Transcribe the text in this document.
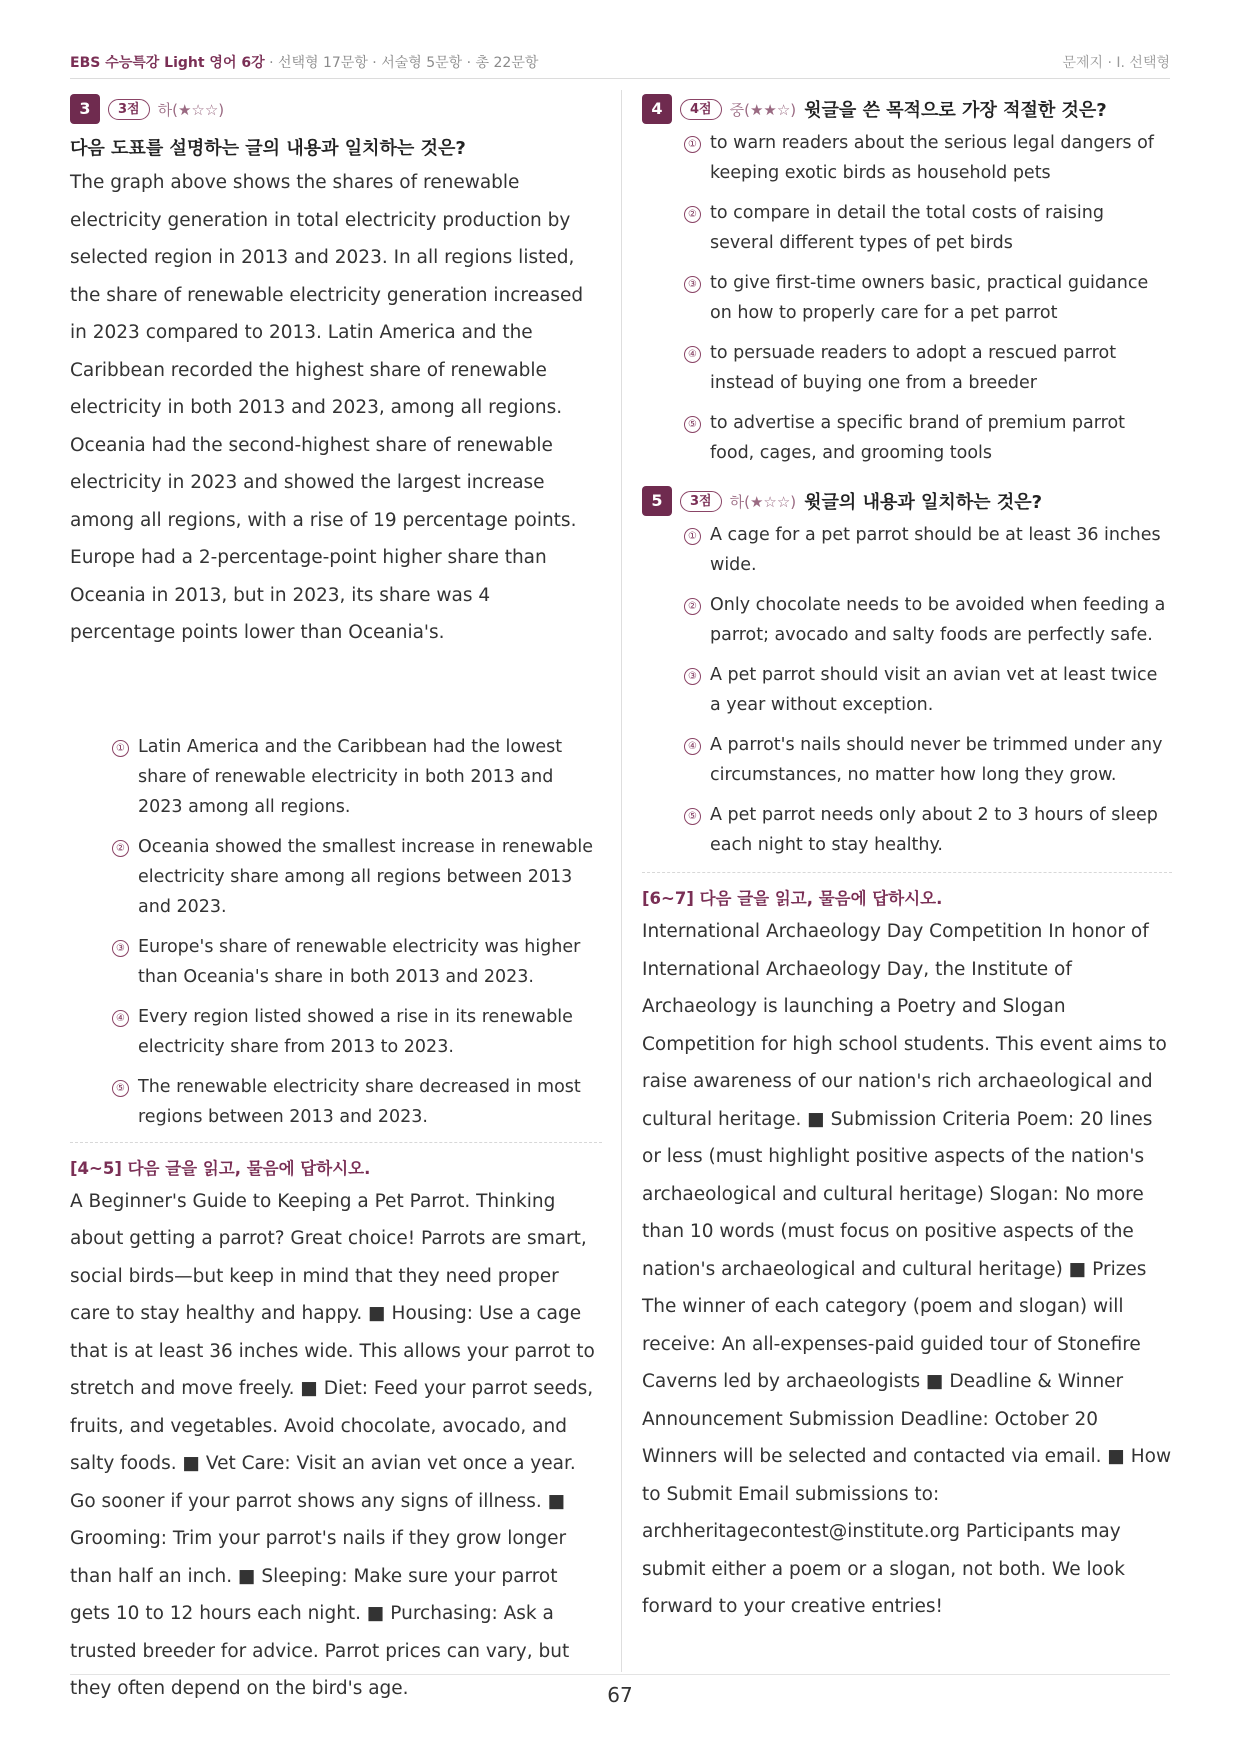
EBS 수능특강 Light 영어 6강 · 선택형 17문항 · 서술형 5문항 · 총 22문항	문제지 · I. 선택형
3	3점	하(★☆☆)
다음 도표를 설명하는 글의 내용과 일치하는 것은?
The graph above shows the shares of renewable electricity generation in total electricity production by selected region in 2013 and 2023. In all regions listed, the share of renewable electricity generation increased in 2023 compared to 2013. Latin America and the Caribbean recorded the highest share of renewable electricity in both 2013 and 2023, among all regions. Oceania had the second-highest share of renewable electricity in 2023 and showed the largest increase among all regions, with a rise of 19 percentage points. Europe had a 2-percentage-point higher share than Oceania in 2013, but in 2023, its share was 4 percentage points lower than Oceania's.
① Latin America and the Caribbean had the lowest share of renewable electricity in both 2013 and 2023 among all regions.
② Oceania showed the smallest increase in renewable electricity share among all regions between 2013 and 2023.
③ Europe's share of renewable electricity was higher than Oceania's share in both 2013 and 2023.
④ Every region listed showed a rise in its renewable electricity share from 2013 to 2023.
⑤ The renewable electricity share decreased in most regions between 2013 and 2023.
[4~5] 다음 글을 읽고, 물음에 답하시오.
A Beginner's Guide to Keeping a Pet Parrot. Thinking about getting a parrot? Great choice! Parrots are smart, social birds—but keep in mind that they need proper care to stay healthy and happy. ■ Housing: Use a cage that is at least 36 inches wide. This allows your parrot to stretch and move freely. ■ Diet: Feed your parrot seeds, fruits, and vegetables. Avoid chocolate, avocado, and salty foods. ■ Vet Care: Visit an avian vet once a year. Go sooner if your parrot shows any signs of illness. ■ Grooming: Trim your parrot's nails if they grow longer than half an inch. ■ Sleeping: Make sure your parrot gets 10 to 12 hours each night. ■ Purchasing: Ask a trusted breeder for advice. Parrot prices can vary, but they often depend on the bird's age.
4	4점	중(★★☆) 윗글을 쓴 목적으로 가장 적절한 것은?
① to warn readers about the serious legal dangers of keeping exotic birds as household pets
② to compare in detail the total costs of raising several different types of pet birds
③ to give first-time owners basic, practical guidance on how to properly care for a pet parrot
④ to persuade readers to adopt a rescued parrot instead of buying one from a breeder
⑤ to advertise a specific brand of premium parrot food, cages, and grooming tools
5	3점	하(★☆☆) 윗글의 내용과 일치하는 것은?
① A cage for a pet parrot should be at least 36 inches wide.
② Only chocolate needs to be avoided when feeding a parrot; avocado and salty foods are perfectly safe.
③ A pet parrot should visit an avian vet at least twice a year without exception.
④ A parrot's nails should never be trimmed under any circumstances, no matter how long they grow.
⑤ A pet parrot needs only about 2 to 3 hours of sleep each night to stay healthy.
[6~7] 다음 글을 읽고, 물음에 답하시오.
International Archaeology Day Competition In honor of International Archaeology Day, the Institute of Archaeology is launching a Poetry and Slogan Competition for high school students. This event aims to raise awareness of our nation's rich archaeological and cultural heritage. ■ Submission Criteria Poem: 20 lines or less (must highlight positive aspects of the nation's archaeological and cultural heritage) Slogan: No more than 10 words (must focus on positive aspects of the nation's archaeological and cultural heritage) ■ Prizes The winner of each category (poem and slogan) will receive: An all-expenses-paid guided tour of Stonefire Caverns led by archaeologists ■ Deadline & Winner Announcement Submission Deadline: October 20 Winners will be selected and contacted via email. ■ How to Submit Email submissions to: archheritagecontest@institute.org Participants may submit either a poem or a slogan, not both. We look forward to your creative entries!
67
